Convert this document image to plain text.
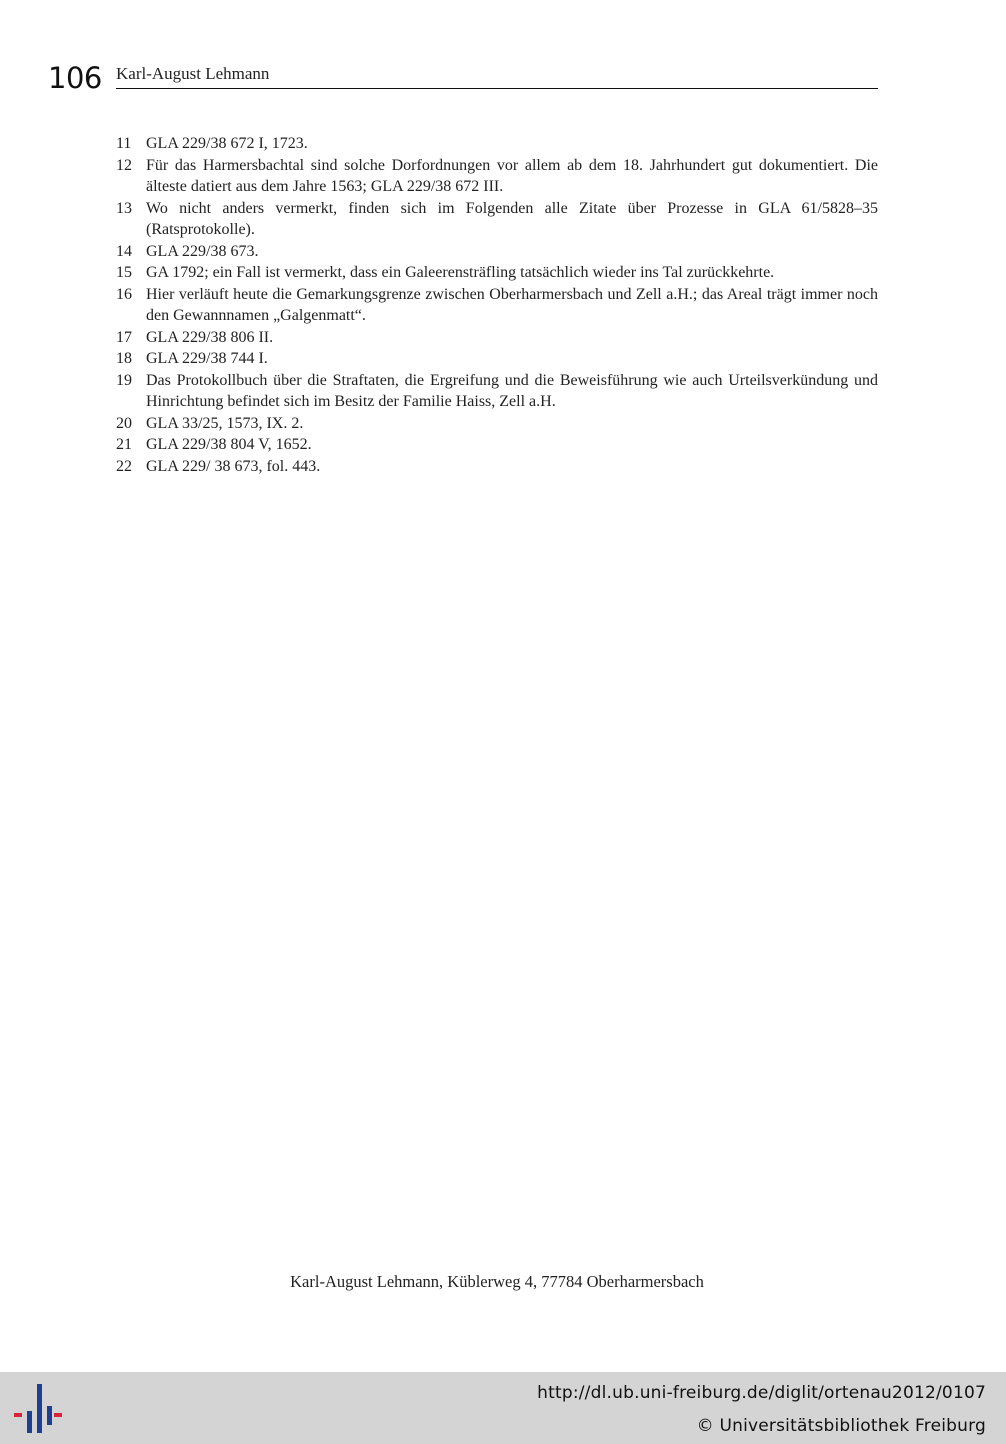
106 Karl-August Lehmann
11 GLA 229/38 672 I, 1723.
12 Für das Harmersbachtal sind solche Dorfordnungen vor allem ab dem 18. Jahrhundert gut dokumentiert. Die älteste datiert aus dem Jahre 1563; GLA 229/38 672 III.
13 Wo nicht anders vermerkt, finden sich im Folgenden alle Zitate über Prozesse in GLA 61/5828–35 (Ratsprotokolle).
14 GLA 229/38 673.
15 GA 1792; ein Fall ist vermerkt, dass ein Galeerensträfling tatsächlich wieder ins Tal zurückkehrte.
16 Hier verläuft heute die Gemarkungsgrenze zwischen Oberharmersbach und Zell a.H.; das Areal trägt immer noch den Gewannnamen „Galgenmatt“.
17 GLA 229/38 806 II.
18 GLA 229/38 744 I.
19 Das Protokollbuch über die Straftaten, die Ergreifung und die Beweisführung wie auch Urteilsverkündung und Hinrichtung befindet sich im Besitz der Familie Haiss, Zell a.H.
20 GLA 33/25, 1573, IX. 2.
21 GLA 229/38 804 V, 1652.
22 GLA 229/ 38 673, fol. 443.
Karl-August Lehmann, Küblerweg 4, 77784 Oberharmersbach
http://dl.ub.uni-freiburg.de/diglit/ortenau2012/0107
© Universitätsbibliothek Freiburg
